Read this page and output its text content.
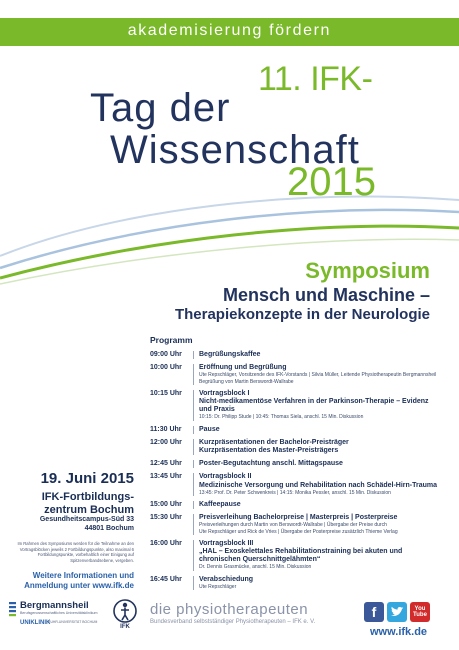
akademisierung fördern
11. IFK-
Tag der
Wissenschaft
2015
Symposium
Mensch und Maschine –
Therapiekonzepte in der Neurologie
Programm
09:00 Uhr	Begrüßungskaffee
10:00 Uhr	Eröffnung und Begrüßung
Ute Repschläger, Vorsitzende des IFK-Vorstands | Silvia Müller, Leitende Physiotherapeutin Bergmannsheil
Begrüßung von Martin Berswordt-Wallrabe
10:15 Uhr	Vortragsblock I
Nicht-medikamentöse Verfahren in der Parkinson-Therapie – Evidenz und Praxis
10:15: Dr. Philipp Stude | 10:45: Thomas Siela, anschl. 15 Min. Diskussion
11:30 Uhr	Pause
12:00 Uhr	Kurzpräsentationen der Bachelor-Preisträger
Kurzpräsentation des Master-Preisträgers
12:45 Uhr	Poster-Begutachtung anschl. Mittagspause
13:45 Uhr	Vortragsblock II
Medizinische Versorgung und Rehabilitation nach Schädel-Hirn-Trauma
13:45: Prof. Dr. Peter Schwenkreis | 14:15: Monika Pessler, anschl. 15 Min. Diskussion
15:00 Uhr	Kaffeepause
15:30 Uhr	Preisverleihung Bachelorpreise | Masterpreis | Posterpreise
Preisverleihungen durch Martin von Berswordt-Wallrabe | Übergabe der Preise durch
Ute Repschläger und Rick de Vries | Übergabe der Posterpreise zusätzlich Thieme Verlag
16:00 Uhr	Vortragsblock III
„HAL – Exoskelettales Rehabilitationstraining bei akuten und chronischen Querschnittgelähmten“
Dr. Dennis Grasmücke, anschl. 15 Min. Diskussion
16:45 Uhr	Verabschiedung
Ute Repschläger
19. Juni 2015
IFK-Fortbildungs-
zentrum Bochum
Gesundheitscampus-Süd 33
44801 Bochum
Im Rahmen des Symposiums werden für die Teilnahme an den Vortragsblöcken jeweils 2 Fortbildungspunkte, also maximal 6 Fortbildungspunkte, vorbehaltlich einer Einigung auf Spitzenverbandsebene, vergeben.
Weitere Informationen und
Anmeldung unter www.ifk.de
Bergmannsheil
Berufsgenossenschaftliches Universitätsklinikum
UNIKLINIK
RUHR-UNIVERSITÄT BOCHUM
IFK
die physiotherapeuten
Bundesverband selbstständiger Physiotherapeuten – IFK e. V.
f	You
Tube
www.ifk.de
